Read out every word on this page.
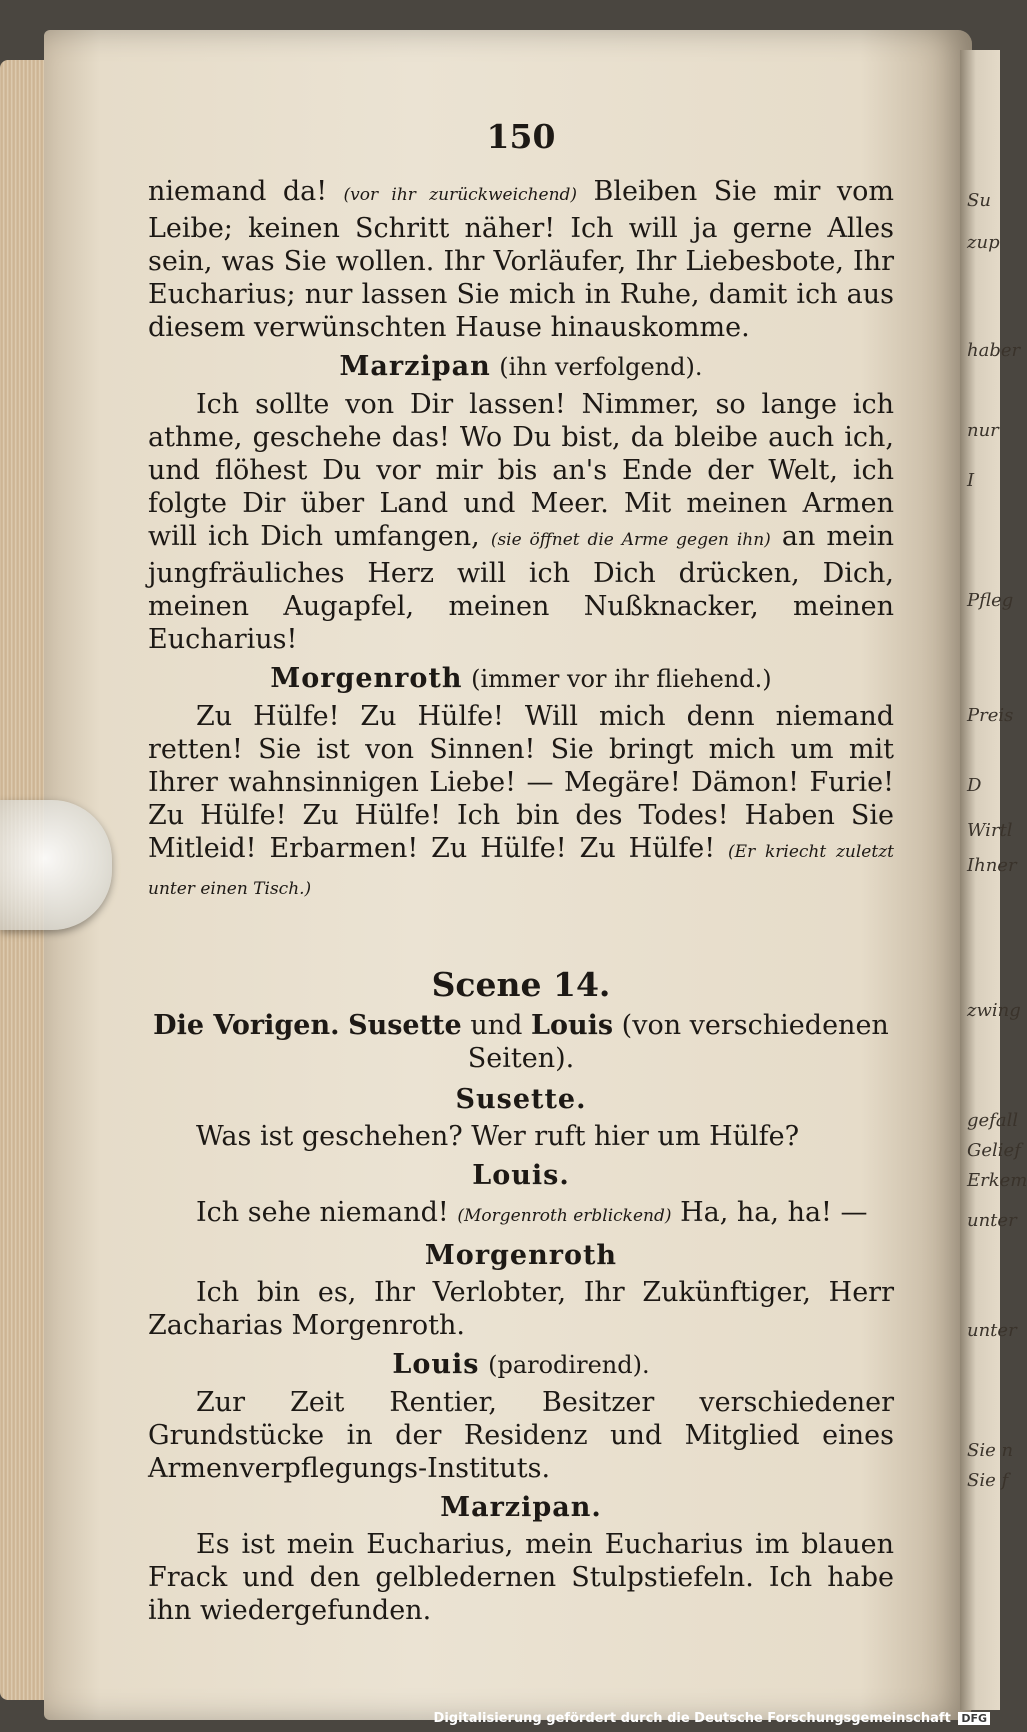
Su
zup
haber
nur
I
Pfleg
Preis
D
Wirtl
Ihner
zwing
gefall
Gelief
Erkem
unter
unter
Sie n
Sie f
150

niemand da! (vor ihr zurückweichend) Bleiben Sie mir vom Leibe; keinen Schritt näher! Ich will ja gerne Alles sein, was Sie wollen. Ihr Vorläufer, Ihr Liebesbote, Ihr Eucharius; nur lassen Sie mich in Ruhe, damit ich aus diesem verwünschten Hause hinauskomme.

Marzipan (ihn verfolgend).

Ich sollte von Dir lassen! Nimmer, so lange ich athme, geschehe das! Wo Du bist, da bleibe auch ich, und flöhest Du vor mir bis an's Ende der Welt, ich folgte Dir über Land und Meer. Mit meinen Armen will ich Dich umfangen, (sie öffnet die Arme gegen ihn) an mein jungfräuliches Herz will ich Dich drücken, Dich, meinen Augapfel, meinen Nußknacker, meinen Eucharius!

Morgenroth (immer vor ihr fliehend.)

Zu Hülfe! Zu Hülfe! Will mich denn niemand retten! Sie ist von Sinnen! Sie bringt mich um mit Ihrer wahnsinnigen Liebe! — Megäre! Dämon! Furie! Zu Hülfe! Zu Hülfe! Ich bin des Todes! Haben Sie Mitleid! Erbarmen! Zu Hülfe! Zu Hülfe! (Er kriecht zuletzt unter einen Tisch.)

Scene 14.
Die Vorigen. Susette und Louis (von verschiedenen Seiten).
Susette.

Was ist geschehen? Wer ruft hier um Hülfe?

Louis.

Ich sehe niemand! (Morgenroth erblickend) Ha, ha, ha! —

Morgenroth

Ich bin es, Ihr Verlobter, Ihr Zukünftiger, Herr Zacharias Morgenroth.

Louis (parodirend).

Zur Zeit Rentier, Besitzer verschiedener Grundstücke in der Residenz und Mitglied eines Armenverpflegungs-Instituts.

Marzipan.

Es ist mein Eucharius, mein Eucharius im blauen Frack und den gelbledernen Stulpstiefeln. Ich habe ihn wiedergefunden.

Digitalisierung gefördert durch die Deutsche Forschungsgemeinschaft DFG
